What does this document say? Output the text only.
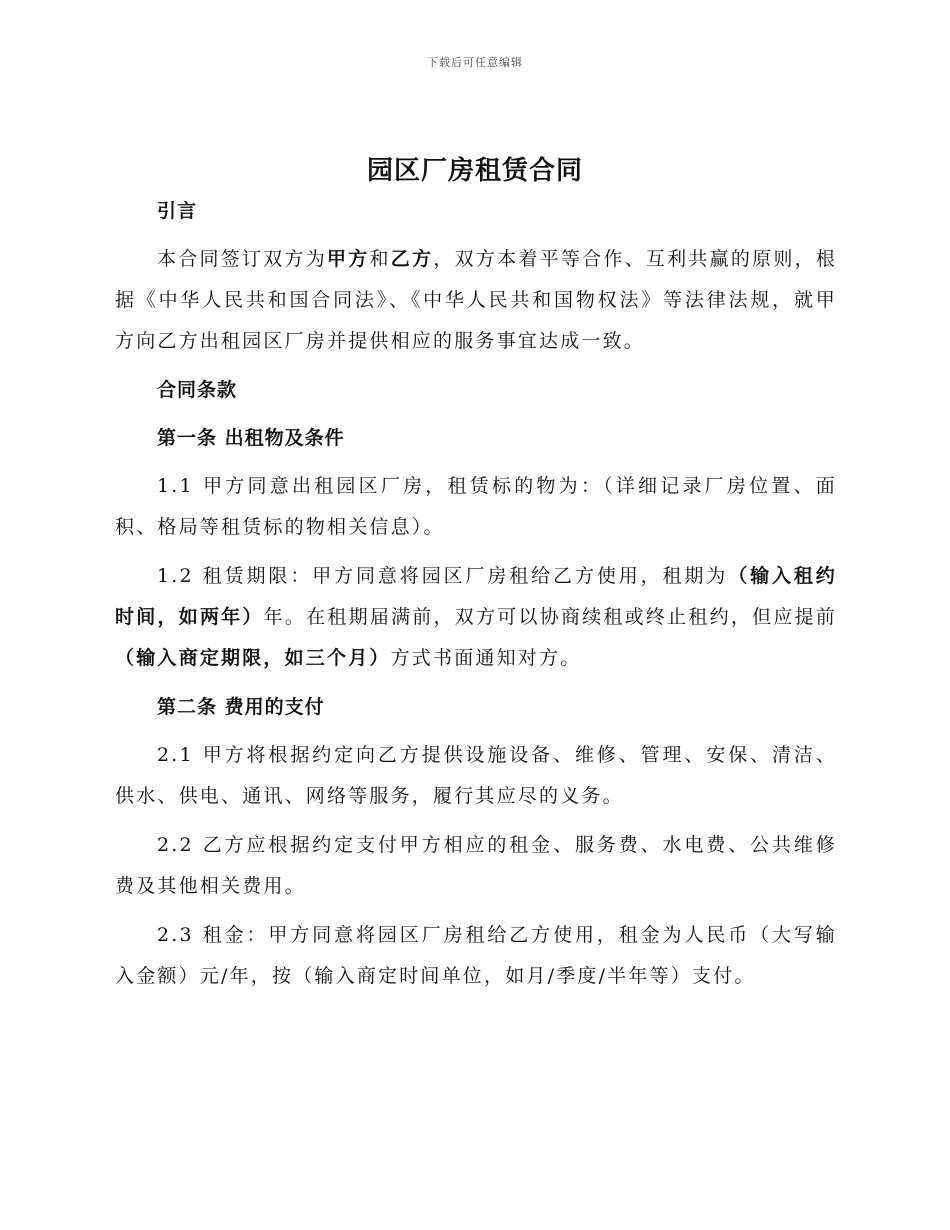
下载后可任意编辑
园区厂房租赁合同
引言

本合同签订双方为甲方和乙方，双方本着平等合作、互利共赢的原则，根据《中华人民共和国合同法》、《中华人民共和国物权法》等法律法规，就甲方向乙方出租园区厂房并提供相应的服务事宜达成一致。

合同条款
第一条 出租物及条件

1.1 甲方同意出租园区厂房，租赁标的物为：（详细记录厂房位置、面积、格局等租赁标的物相关信息）。

1.2 租赁期限：甲方同意将园区厂房租给乙方使用，租期为（输入租约时间，如两年）年。在租期届满前，双方可以协商续租或终止租约，但应提前（输入商定期限，如三个月）方式书面通知对方。

第二条 费用的支付

2.1 甲方将根据约定向乙方提供设施设备、维修、管理、安保、清洁、供水、供电、通讯、网络等服务，履行其应尽的义务。

2.2 乙方应根据约定支付甲方相应的租金、服务费、水电费、公共维修费及其他相关费用。

2.3 租金：甲方同意将园区厂房租给乙方使用，租金为人民币（大写输入金额）元/年，按（输入商定时间单位，如月/季度/半年等）支付。
